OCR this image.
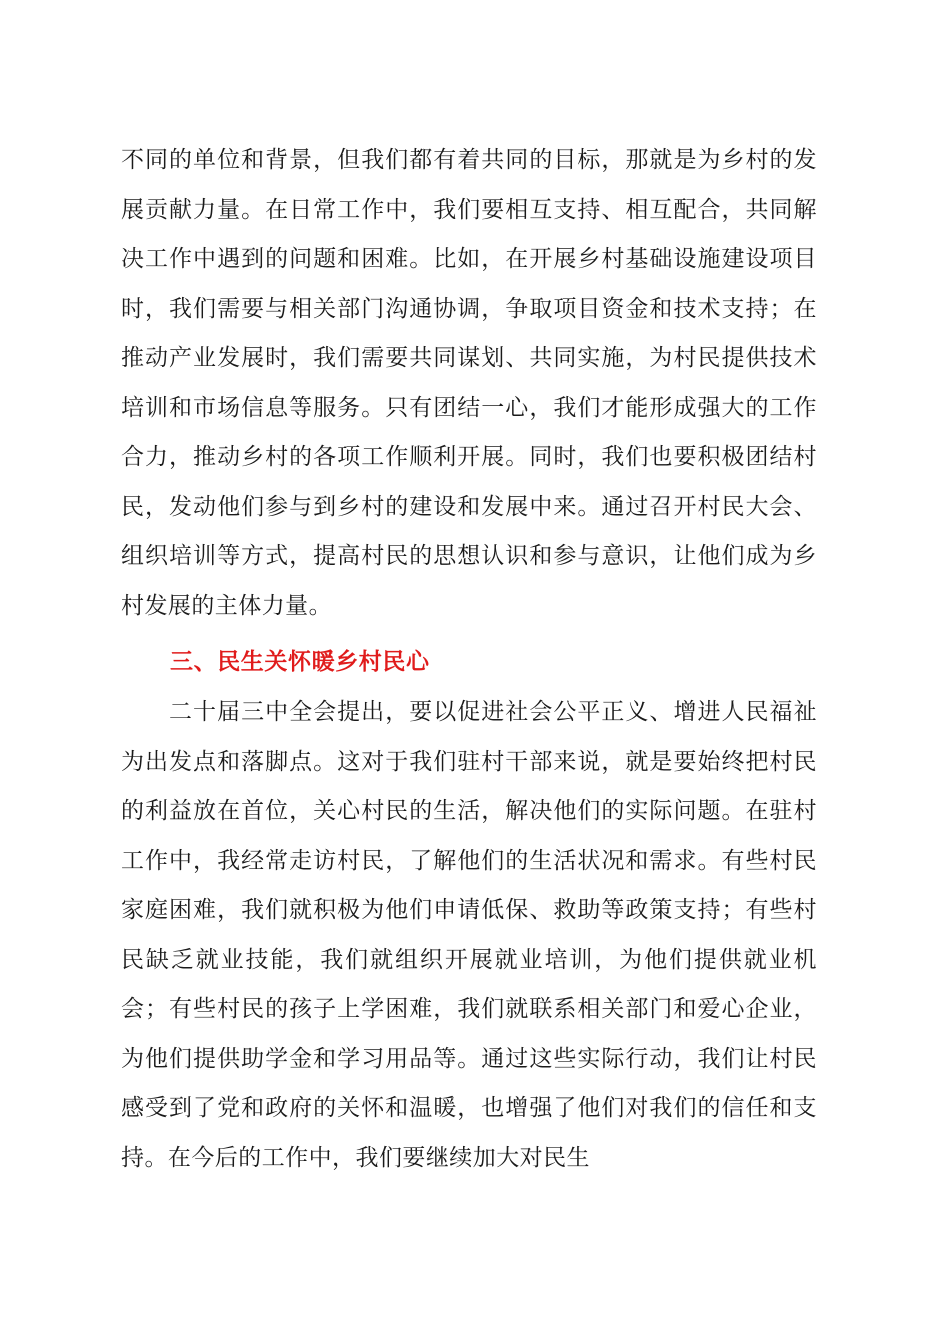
不同的单位和背景，但我们都有着共同的目标，那就是为乡村的发展贡献力量。在日常工作中，我们要相互支持、相互配合，共同解决工作中遇到的问题和困难。比如，在开展乡村基础设施建设项目时，我们需要与相关部门沟通协调，争取项目资金和技术支持；在推动产业发展时，我们需要共同谋划、共同实施，为村民提供技术培训和市场信息等服务。只有团结一心，我们才能形成强大的工作合力，推动乡村的各项工作顺利开展。同时，我们也要积极团结村民，发动他们参与到乡村的建设和发展中来。通过召开村民大会、组织培训等方式，提高村民的思想认识和参与意识，让他们成为乡村发展的主体力量。
三、民生关怀暖乡村民心
二十届三中全会提出，要以促进社会公平正义、增进人民福祉为出发点和落脚点。这对于我们驻村干部来说，就是要始终把村民的利益放在首位，关心村民的生活，解决他们的实际问题。在驻村工作中，我经常走访村民，了解他们的生活状况和需求。有些村民家庭困难，我们就积极为他们申请低保、救助等政策支持；有些村民缺乏就业技能，我们就组织开展就业培训，为他们提供就业机会；有些村民的孩子上学困难，我们就联系相关部门和爱心企业，为他们提供助学金和学习用品等。通过这些实际行动，我们让村民感受到了党和政府的关怀和温暖，也增强了他们对我们的信任和支持。在今后的工作中，我们要继续加大对民生
